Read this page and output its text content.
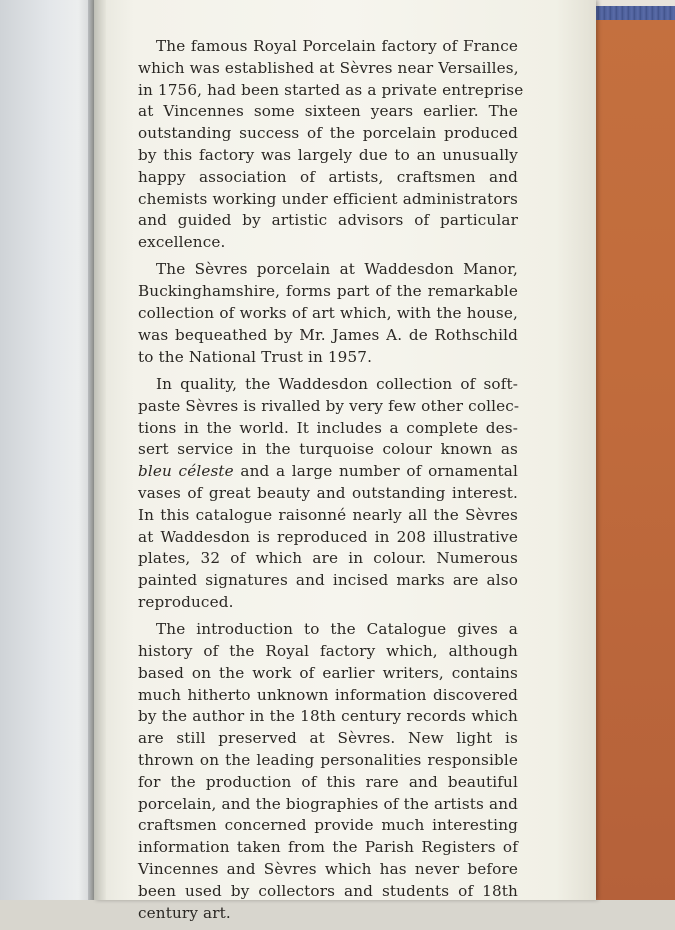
The famous Royal Porcelain factory of France
which was established at Sèvres near Versailles,
in 1756, had been started as a private entreprise
at Vincennes some sixteen years earlier. The
outstanding success of the porcelain produced
by this factory was largely due to an unusually
happy association of artists, craftsmen and
chemists working under efficient administrators
and guided by artistic advisors of particular
excellence.
The Sèvres porcelain at Waddesdon Manor,
Buckinghamshire, forms part of the remarkable
collection of works of art which, with the house,
was bequeathed by Mr. James A. de Rothschild
to the National Trust in 1957.
In quality, the Waddesdon collection of soft-
paste Sèvres is rivalled by very few other collec-
tions in the world. It includes a complete des-
sert service in the turquoise colour known as
bleu céleste and a large number of ornamental
vases of great beauty and outstanding interest.
In this catalogue raisonné nearly all the Sèvres
at Waddesdon is reproduced in 208 illustrative
plates, 32 of which are in colour. Numerous
painted signatures and incised marks are also
reproduced.
The introduction to the Catalogue gives a
history of the Royal factory which, although
based on the work of earlier writers, contains
much hitherto unknown information discovered
by the author in the 18th century records which
are still preserved at Sèvres. New light is
thrown on the leading personalities responsible
for the production of this rare and beautiful
porcelain, and the biographies of the artists and
craftsmen concerned provide much interesting
information taken from the Parish Registers of
Vincennes and Sèvres which has never before
been used by collectors and students of 18th
century art.
